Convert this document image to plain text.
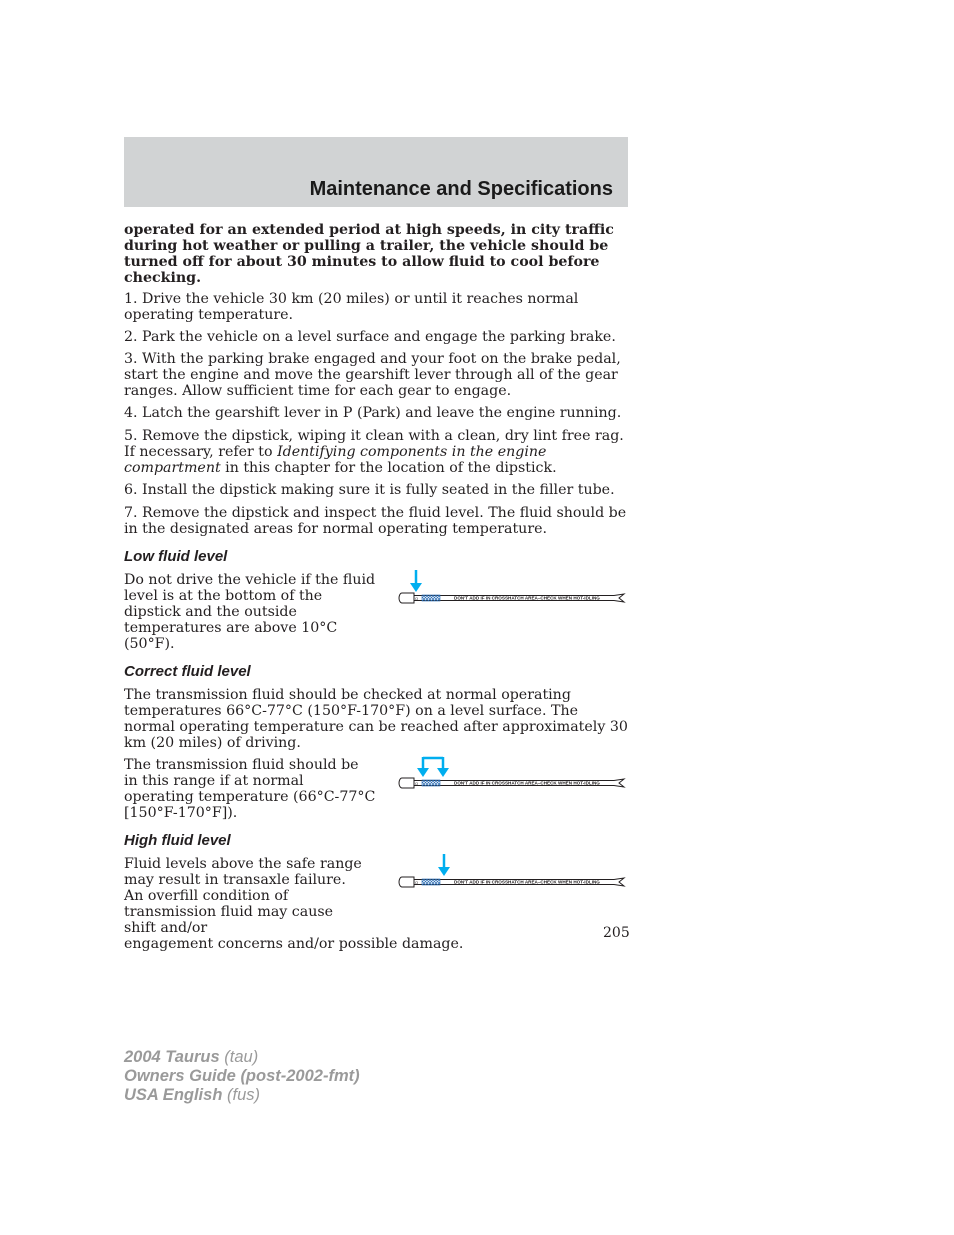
Maintenance and Specifications

operated for an extended period at high speeds, in city traffic during hot weather or pulling a trailer, the vehicle should be turned off for about 30 minutes to allow fluid to cool before checking.

1. Drive the vehicle 30 km (20 miles) or until it reaches normal operating temperature.

2. Park the vehicle on a level surface and engage the parking brake.

3. With the parking brake engaged and your foot on the brake pedal, start the engine and move the gearshift lever through all of the gear ranges. Allow sufficient time for each gear to engage.

4. Latch the gearshift lever in P (Park) and leave the engine running.

5. Remove the dipstick, wiping it clean with a clean, dry lint free rag. If necessary, refer to Identifying components in the engine compartment in this chapter for the location of the dipstick.

6. Install the dipstick making sure it is fully seated in the filler tube.

7. Remove the dipstick and inspect the fluid level. The fluid should be in the designated areas for normal operating temperature.

Low fluid level
Do not drive the vehicle if the fluid level is at the bottom of the dipstick and the outside temperatures are above 10°C (50°F).
O	DON'T ADD IF IN CROSSHATCH AREA–CHECK WHEN HOT-IDLING
Correct fluid level

The transmission fluid should be checked at normal operating temperatures 66°C-77°C (150°F-170°F) on a level surface. The normal operating temperature can be reached after approximately 30 km (20 miles) of driving.

The transmission fluid should be in this range if at normal operating temperature (66°C-77°C [150°F-170°F]).
O	DON'T ADD IF IN CROSSHATCH AREA–CHECK WHEN HOT-IDLING
High fluid level
Fluid levels above the safe range may result in transaxle failure. An overfill condition of transmission fluid may cause shift and/or
engagement concerns and/or possible damage.
O	DON'T ADD IF IN CROSSHATCH AREA–CHECK WHEN HOT-IDLING
205
2004 Taurus (tau)
Owners Guide (post-2002-fmt)
USA English (fus)
